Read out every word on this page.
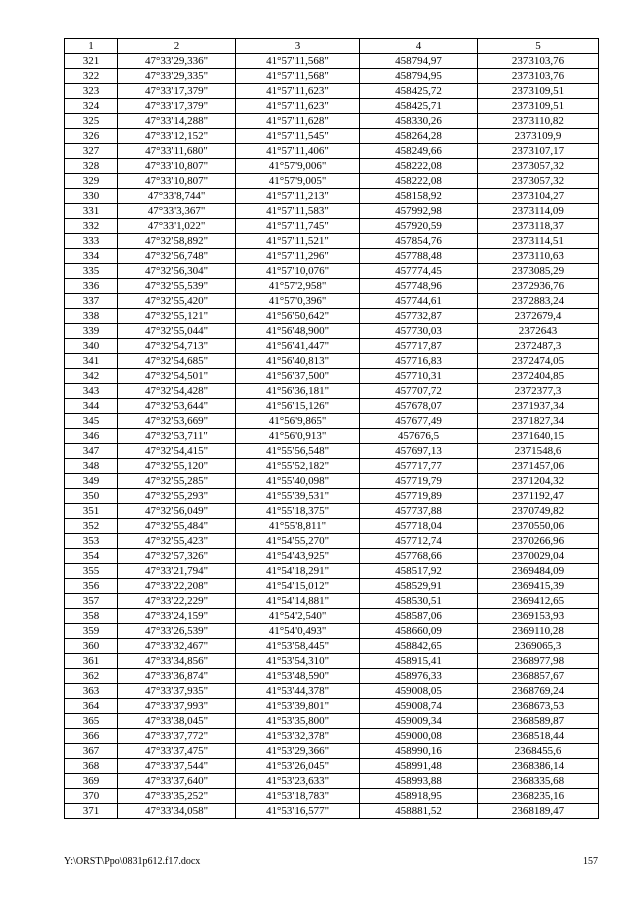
1	2	3	4	5
321	47°33'29,336"	41°57'11,568"	458794,97	2373103,76
322	47°33'29,335"	41°57'11,568"	458794,95	2373103,76
323	47°33'17,379"	41°57'11,623"	458425,72	2373109,51
324	47°33'17,379"	41°57'11,623"	458425,71	2373109,51
325	47°33'14,288"	41°57'11,628"	458330,26	2373110,82
326	47°33'12,152"	41°57'11,545"	458264,28	2373109,9
327	47°33'11,680"	41°57'11,406"	458249,66	2373107,17
328	47°33'10,807"	41°57'9,006"	458222,08	2373057,32
329	47°33'10,807"	41°57'9,005"	458222,08	2373057,32
330	47°33'8,744"	41°57'11,213"	458158,92	2373104,27
331	47°33'3,367"	41°57'11,583"	457992,98	2373114,09
332	47°33'1,022"	41°57'11,745"	457920,59	2373118,37
333	47°32'58,892"	41°57'11,521"	457854,76	2373114,51
334	47°32'56,748"	41°57'11,296"	457788,48	2373110,63
335	47°32'56,304"	41°57'10,076"	457774,45	2373085,29
336	47°32'55,539"	41°57'2,958"	457748,96	2372936,76
337	47°32'55,420"	41°57'0,396"	457744,61	2372883,24
338	47°32'55,121"	41°56'50,642"	457732,87	2372679,4
339	47°32'55,044"	41°56'48,900"	457730,03	2372643
340	47°32'54,713"	41°56'41,447"	457717,87	2372487,3
341	47°32'54,685"	41°56'40,813"	457716,83	2372474,05
342	47°32'54,501"	41°56'37,500"	457710,31	2372404,85
343	47°32'54,428"	41°56'36,181"	457707,72	2372377,3
344	47°32'53,644"	41°56'15,126"	457678,07	2371937,34
345	47°32'53,669"	41°56'9,865"	457677,49	2371827,34
346	47°32'53,711"	41°56'0,913"	457676,5	2371640,15
347	47°32'54,415"	41°55'56,548"	457697,13	2371548,6
348	47°32'55,120"	41°55'52,182"	457717,77	2371457,06
349	47°32'55,285"	41°55'40,098"	457719,79	2371204,32
350	47°32'55,293"	41°55'39,531"	457719,89	2371192,47
351	47°32'56,049"	41°55'18,375"	457737,88	2370749,82
352	47°32'55,484"	41°55'8,811"	457718,04	2370550,06
353	47°32'55,423"	41°54'55,270"	457712,74	2370266,96
354	47°32'57,326"	41°54'43,925"	457768,66	2370029,04
355	47°33'21,794"	41°54'18,291"	458517,92	2369484,09
356	47°33'22,208"	41°54'15,012"	458529,91	2369415,39
357	47°33'22,229"	41°54'14,881"	458530,51	2369412,65
358	47°33'24,159"	41°54'2,540"	458587,06	2369153,93
359	47°33'26,539"	41°54'0,493"	458660,09	2369110,28
360	47°33'32,467"	41°53'58,445"	458842,65	2369065,3
361	47°33'34,856"	41°53'54,310"	458915,41	2368977,98
362	47°33'36,874"	41°53'48,590"	458976,33	2368857,67
363	47°33'37,935"	41°53'44,378"	459008,05	2368769,24
364	47°33'37,993"	41°53'39,801"	459008,74	2368673,53
365	47°33'38,045"	41°53'35,800"	459009,34	2368589,87
366	47°33'37,772"	41°53'32,378"	459000,08	2368518,44
367	47°33'37,475"	41°53'29,366"	458990,16	2368455,6
368	47°33'37,544"	41°53'26,045"	458991,48	2368386,14
369	47°33'37,640"	41°53'23,633"	458993,88	2368335,68
370	47°33'35,252"	41°53'18,783"	458918,95	2368235,16
371	47°33'34,058"	41°53'16,577"	458881,52	2368189,47
Y:\ORST\Ppo\0831p612.f17.docx	157
